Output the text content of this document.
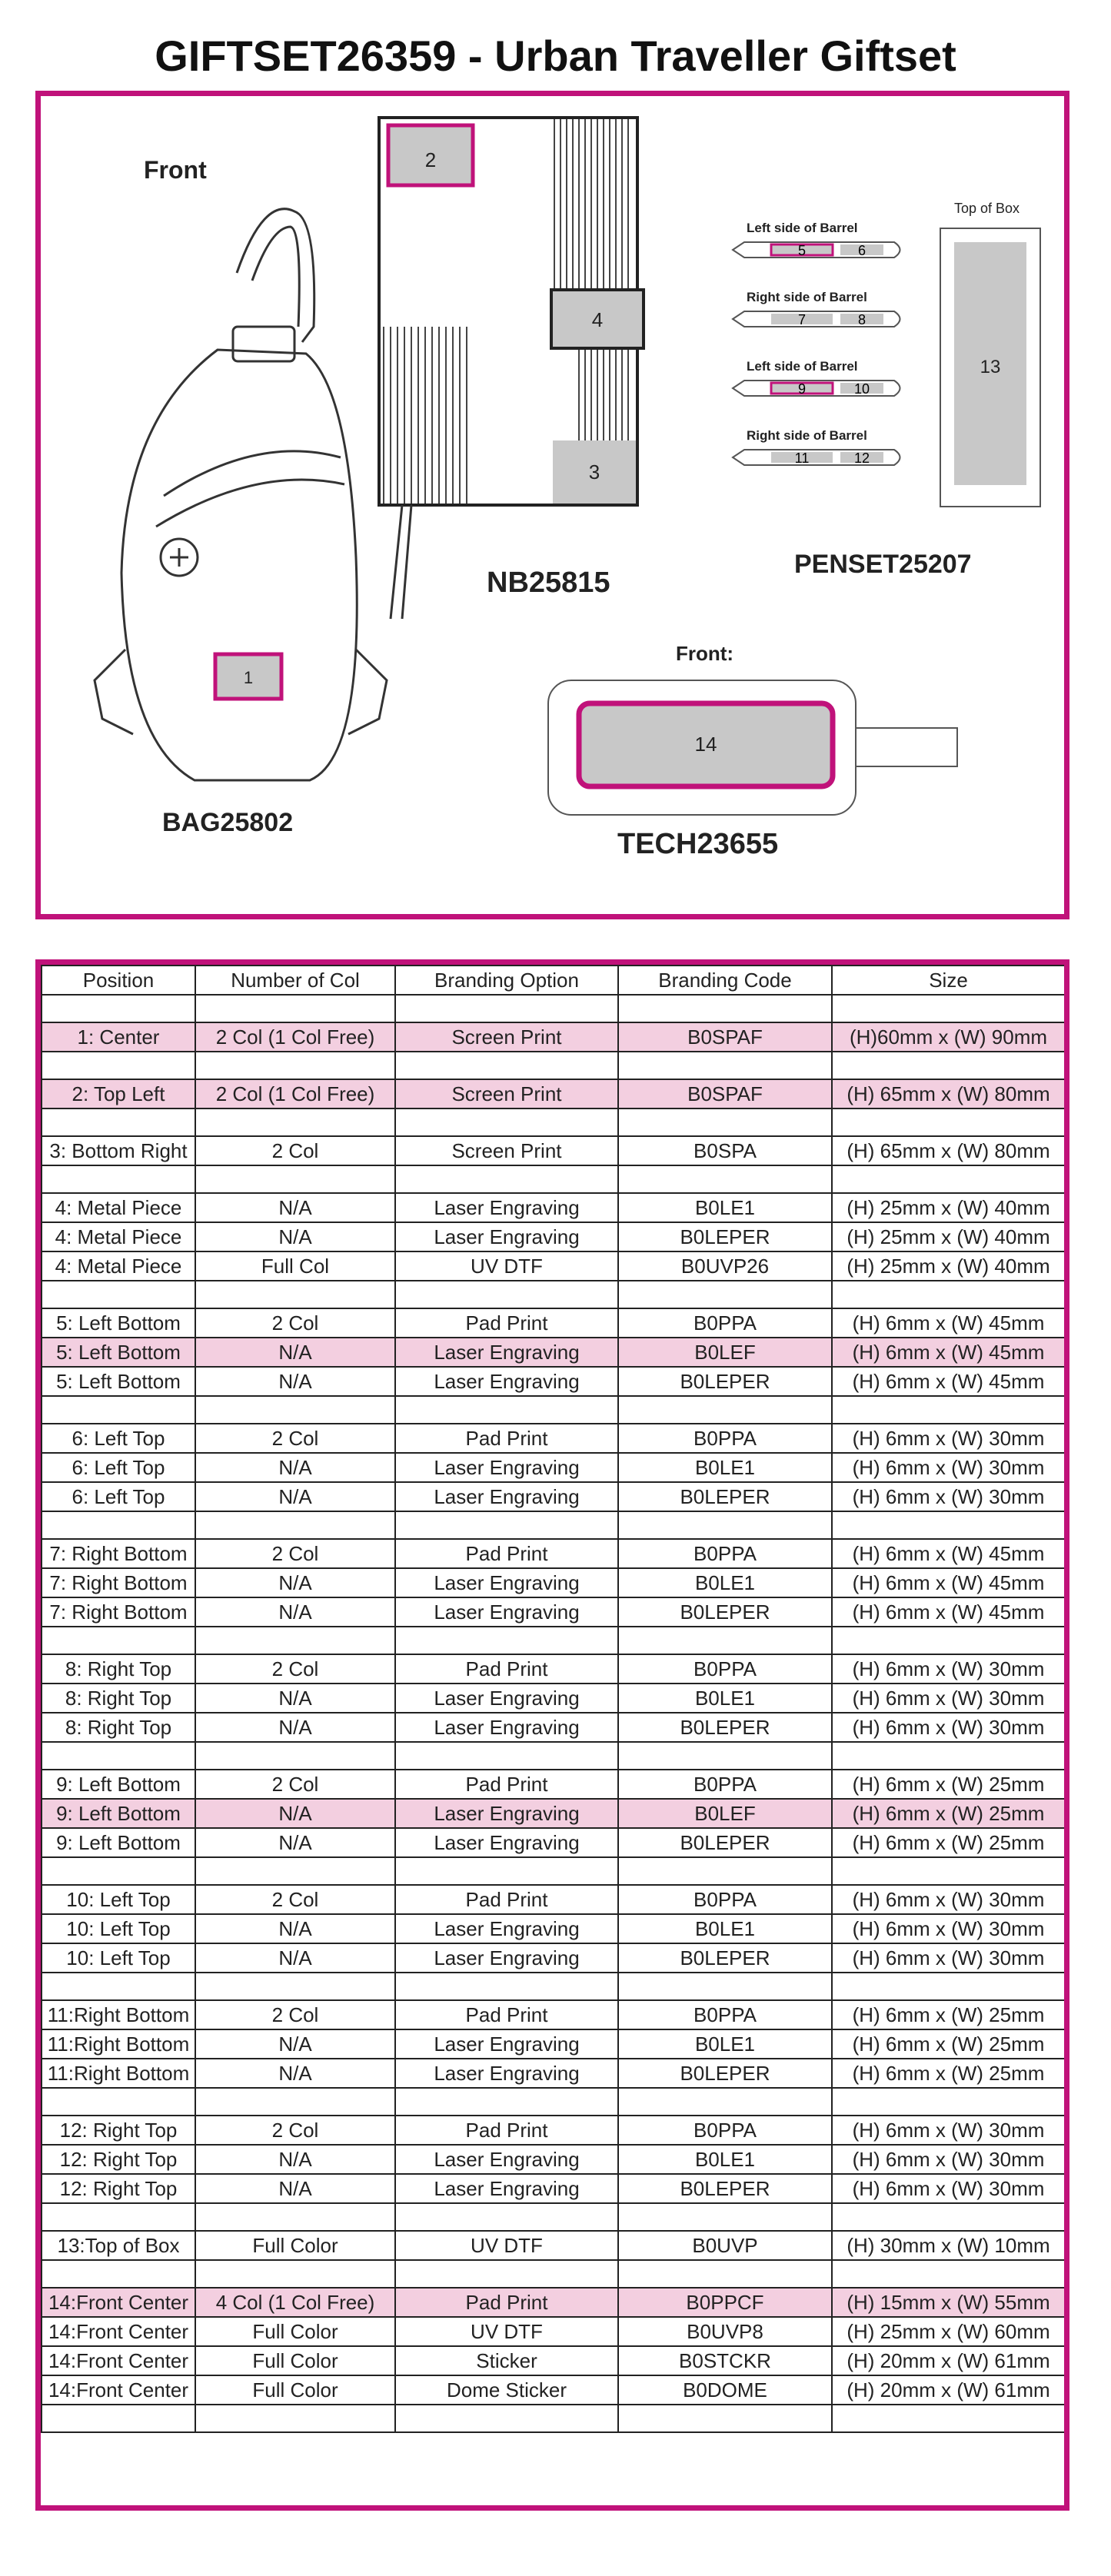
GIFTSET26359 - Urban Traveller Giftset
1
2
4
3
5	6
7	8
9	10
11	12
13
14
Front
BAG25802
NB25815
PENSET25207
Top of Box
Front:
TECH23655
Left side of Barrel
Right side of Barrel
Left side of Barrel
Right side of Barrel
Position	Number of Col	Branding Option	Branding Code	Size

1: Center	2 Col (1 Col Free)	Screen Print	B0SPAF	(H)60mm x (W) 90mm

2: Top Left	2 Col (1 Col Free)	Screen Print	B0SPAF	(H) 65mm x (W) 80mm

3: Bottom Right	2 Col	Screen Print	B0SPA	(H) 65mm x (W) 80mm

4: Metal Piece	N/A	Laser Engraving	B0LE1	(H) 25mm x (W) 40mm
4: Metal Piece	N/A	Laser Engraving	B0LEPER	(H) 25mm x (W) 40mm
4: Metal Piece	Full Col	UV DTF	B0UVP26	(H) 25mm x (W) 40mm

5: Left Bottom	2 Col	Pad Print	B0PPA	(H) 6mm x (W) 45mm
5: Left Bottom	N/A	Laser Engraving	B0LEF	(H) 6mm x (W) 45mm
5: Left Bottom	N/A	Laser Engraving	B0LEPER	(H) 6mm x (W) 45mm

6: Left Top	2 Col	Pad Print	B0PPA	(H) 6mm x (W) 30mm
6: Left Top	N/A	Laser Engraving	B0LE1	(H) 6mm x (W) 30mm
6: Left Top	N/A	Laser Engraving	B0LEPER	(H) 6mm x (W) 30mm

7: Right Bottom	2 Col	Pad Print	B0PPA	(H) 6mm x (W) 45mm
7: Right Bottom	N/A	Laser Engraving	B0LE1	(H) 6mm x (W) 45mm
7: Right Bottom	N/A	Laser Engraving	B0LEPER	(H) 6mm x (W) 45mm

8: Right Top	2 Col	Pad Print	B0PPA	(H) 6mm x (W) 30mm
8: Right Top	N/A	Laser Engraving	B0LE1	(H) 6mm x (W) 30mm
8: Right Top	N/A	Laser Engraving	B0LEPER	(H) 6mm x (W) 30mm

9: Left Bottom	2 Col	Pad Print	B0PPA	(H) 6mm x (W) 25mm
9: Left Bottom	N/A	Laser Engraving	B0LEF	(H) 6mm x (W) 25mm
9: Left Bottom	N/A	Laser Engraving	B0LEPER	(H) 6mm x (W) 25mm

10: Left Top	2 Col	Pad Print	B0PPA	(H) 6mm x (W) 30mm
10: Left Top	N/A	Laser Engraving	B0LE1	(H) 6mm x (W) 30mm
10: Left Top	N/A	Laser Engraving	B0LEPER	(H) 6mm x (W) 30mm

11:Right Bottom	2 Col	Pad Print	B0PPA	(H) 6mm x (W) 25mm
11:Right Bottom	N/A	Laser Engraving	B0LE1	(H) 6mm x (W) 25mm
11:Right Bottom	N/A	Laser Engraving	B0LEPER	(H) 6mm x (W) 25mm

12: Right Top	2 Col	Pad Print	B0PPA	(H) 6mm x (W) 30mm
12: Right Top	N/A	Laser Engraving	B0LE1	(H) 6mm x (W) 30mm
12: Right Top	N/A	Laser Engraving	B0LEPER	(H) 6mm x (W) 30mm

13:Top of Box	Full Color	UV DTF	B0UVP	(H) 30mm x (W) 10mm

14:Front Center	4 Col (1 Col Free)	Pad Print	B0PPCF	(H) 15mm x (W) 55mm
14:Front Center	Full Color	UV DTF	B0UVP8	(H) 25mm x (W) 60mm
14:Front Center	Full Color	Sticker	B0STCKR	(H) 20mm x (W) 61mm
14:Front Center	Full Color	Dome Sticker	B0DOME	(H) 20mm x (W) 61mm
